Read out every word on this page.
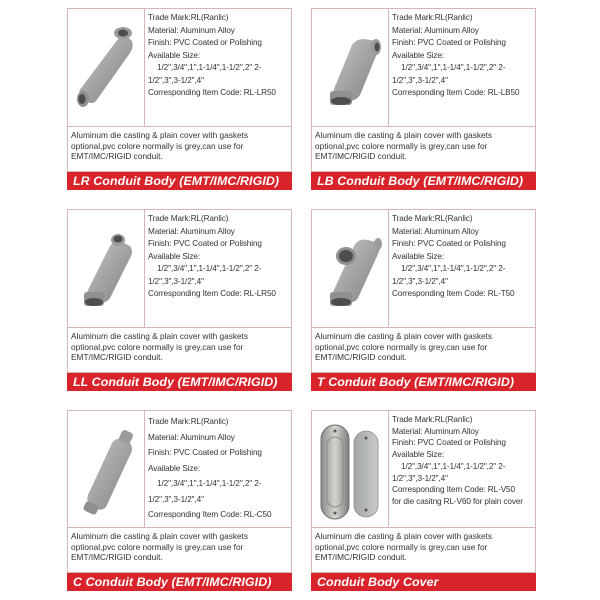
Trade Mark:RL(Ranlic)
Material: Aluminum Alloy
Finish: PVC Coated or Polishing
Available Size:
1/2",3/4",1",1-1/4",1-1/2",2" 2-
1/2",3",3-1/2",4"
Corresponding Item Code: RL-LR50
Aluminum die casting & plain cover with gaskets optional,pvc colore normally is grey,can use for EMT/IMC/RIGID conduit.
LR Conduit Body (EMT/IMC/RIGID)
Trade Mark:RL(Ranlic)
Material: Aluminum Alloy
Finish: PVC Coated or Polishing
Available Size:
1/2",3/4",1",1-1/4",1-1/2",2" 2-
1/2",3",3-1/2",4"
Corresponding Item Code: RL-LB50
Aluminum die casting & plain cover with gaskets optional,pvc colore normally is grey,can use for EMT/IMC/RIGID conduit.
LB Conduit Body (EMT/IMC/RIGID)
Trade Mark:RL(Ranlic)
Material: Aluminum Alloy
Finish: PVC Coated or Polishing
Available Size:
1/2",3/4",1",1-1/4",1-1/2",2" 2-
1/2",3",3-1/2",4"
Corresponding Item Code: RL-LR50
Aluminum die casting & plain cover with gaskets optional,pvc colore normally is grey,can use for EMT/IMC/RIGID conduit.
LL Conduit Body (EMT/IMC/RIGID)
Trade Mark:RL(Ranlic)
Material: Aluminum Alloy
Finish: PVC Coated or Polishing
Available Size:
1/2",3/4",1",1-1/4",1-1/2",2" 2-
1/2",3",3-1/2",4"
Corresponding Item Code: RL-T50
Aluminum die casting & plain cover with gaskets optional,pvc colore normally is grey,can use for EMT/IMC/RIGID conduit.
T Conduit Body (EMT/IMC/RIGID)
Trade Mark:RL(Ranlic)
Material: Aluminum Alloy
Finish: PVC Coated or Polishing
Available Size:
1/2",3/4",1",1-1/4",1-1/2",2" 2-
1/2",3",3-1/2",4"
Corresponding Item Code: RL-C50
Aluminum die casting & plain cover with gaskets optional,pvc colore normally is grey,can use for EMT/IMC/RIGID conduit.
C Conduit Body (EMT/IMC/RIGID)
Trade Mark:RL(Ranlic)
Material: Aluminum Alloy
Finish: PVC Coated or Polishing
Available Size:
1/2",3/4",1",1-1/4",1-1/2",2" 2-
1/2",3",3-1/2",4"
Corresponding Item Code: RL-V50
for die casitng RL-V60 for plain cover
Aluminum die casting & plain cover with gaskets optional,pvc colore normally is grey,can use for EMT/IMC/RIGID conduit.
Conduit Body Cover
